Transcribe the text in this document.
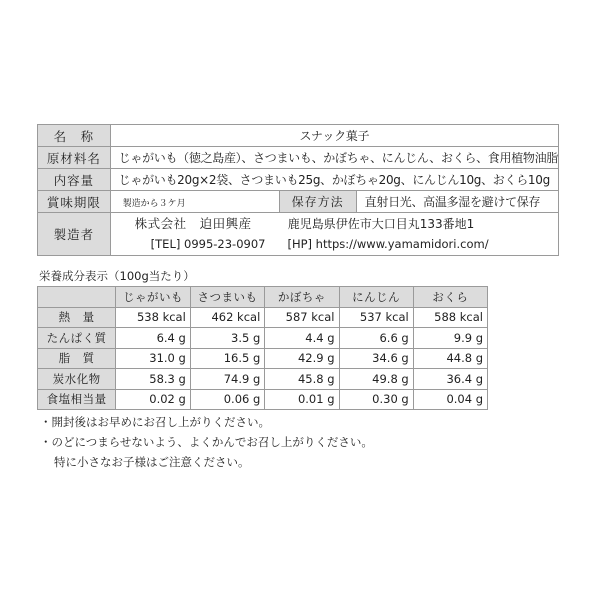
名　称	スナック菓子		
原材料名	じゃがいも（徳之島産）、さつまいも、かぼちゃ、にんじん、おくら、食用植物油脂		
内容量	じゃがいも20g×2袋、さつまいも25g、かぼちゃ20g、にんじん10g、おくら10g		
賞味期限	製造から３ケ月	保存方法	直射日光、高温多湿を避けて保存
製造者	株式会社　迫田興産 鹿児島県伊佐市大口目丸133番地1
[TEL] 0995-23-0907 [HP] https://www.yamamidori.com/		
栄養成分表示（100g当たり）
	じゃがいも	さつまいも	かぼちゃ	にんじん	おくら
熱　量	538 kcal	462 kcal	587 kcal	537 kcal	588 kcal
たんぱく質	6.4 g	3.5 g	4.4 g	6.6 g	9.9 g
脂　質	31.0 g	16.5 g	42.9 g	34.6 g	44.8 g
炭水化物	58.3 g	74.9 g	45.8 g	49.8 g	36.4 g
食塩相当量	0.02 g	0.06 g	0.01 g	0.30 g	0.04 g
・開封後はお早めにお召し上がりください。
・のどにつまらせないよう、よくかんでお召し上がりください。
特に小さなお子様はご注意ください。
